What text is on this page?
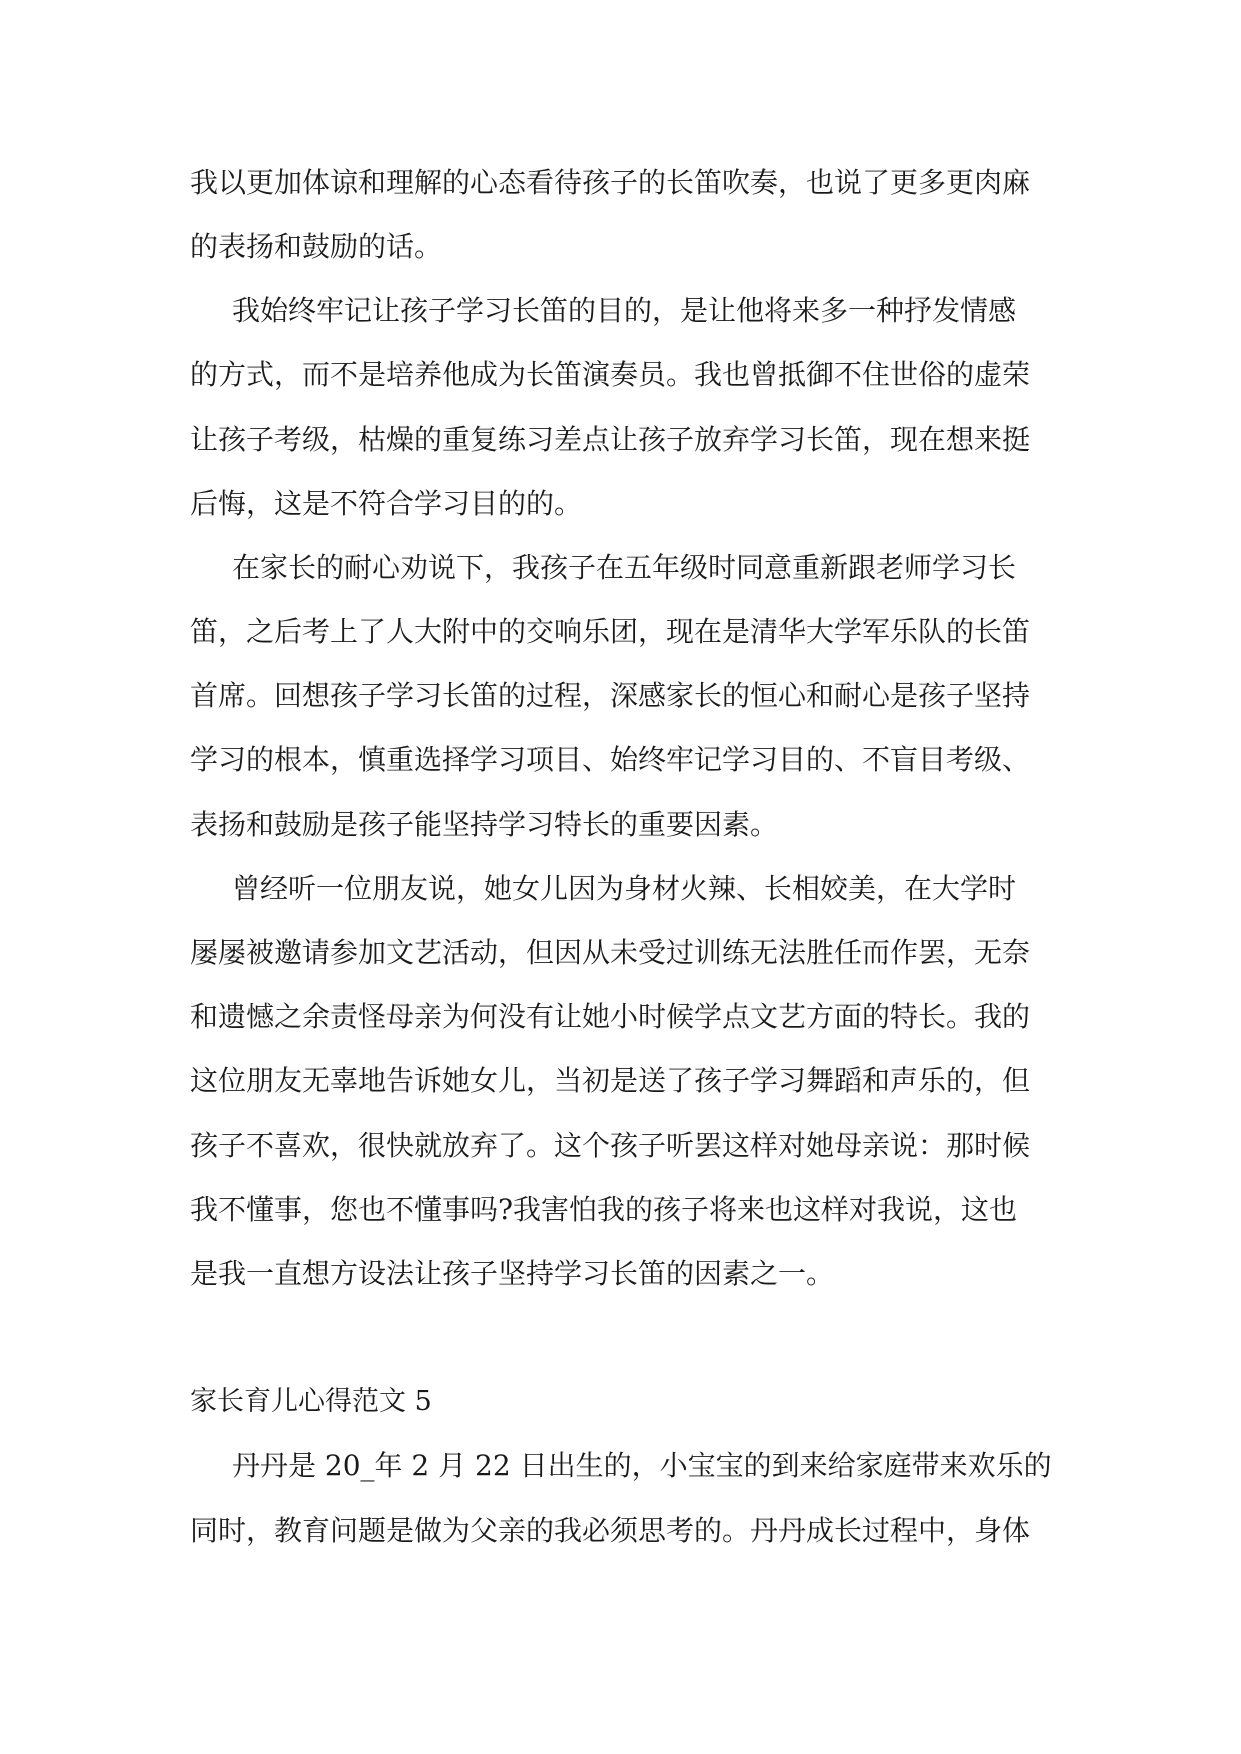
我以更加体谅和理解的心态看待孩子的长笛吹奏，也说了更多更肉麻
的表扬和鼓励的话。
我始终牢记让孩子学习长笛的目的，是让他将来多一种抒发情感
的方式，而不是培养他成为长笛演奏员。我也曾抵御不住世俗的虚荣
让孩子考级，枯燥的重复练习差点让孩子放弃学习长笛，现在想来挺
后悔，这是不符合学习目的的。
在家长的耐心劝说下，我孩子在五年级时同意重新跟老师学习长
笛，之后考上了人大附中的交响乐团，现在是清华大学军乐队的长笛
首席。回想孩子学习长笛的过程，深感家长的恒心和耐心是孩子坚持
学习的根本，慎重选择学习项目、始终牢记学习目的、不盲目考级、
表扬和鼓励是孩子能坚持学习特长的重要因素。
曾经听一位朋友说，她女儿因为身材火辣、长相姣美，在大学时
屡屡被邀请参加文艺活动，但因从未受过训练无法胜任而作罢，无奈
和遗憾之余责怪母亲为何没有让她小时候学点文艺方面的特长。我的
这位朋友无辜地告诉她女儿，当初是送了孩子学习舞蹈和声乐的，但
孩子不喜欢，很快就放弃了。这个孩子听罢这样对她母亲说：那时候
我不懂事，您也不懂事吗?我害怕我的孩子将来也这样对我说，这也
是我一直想方设法让孩子坚持学习长笛的因素之一。
家长育儿心得范文 5
丹丹是 20_年 2 月 22 日出生的，小宝宝的到来给家庭带来欢乐的
同时，教育问题是做为父亲的我必须思考的。丹丹成长过程中，身体
